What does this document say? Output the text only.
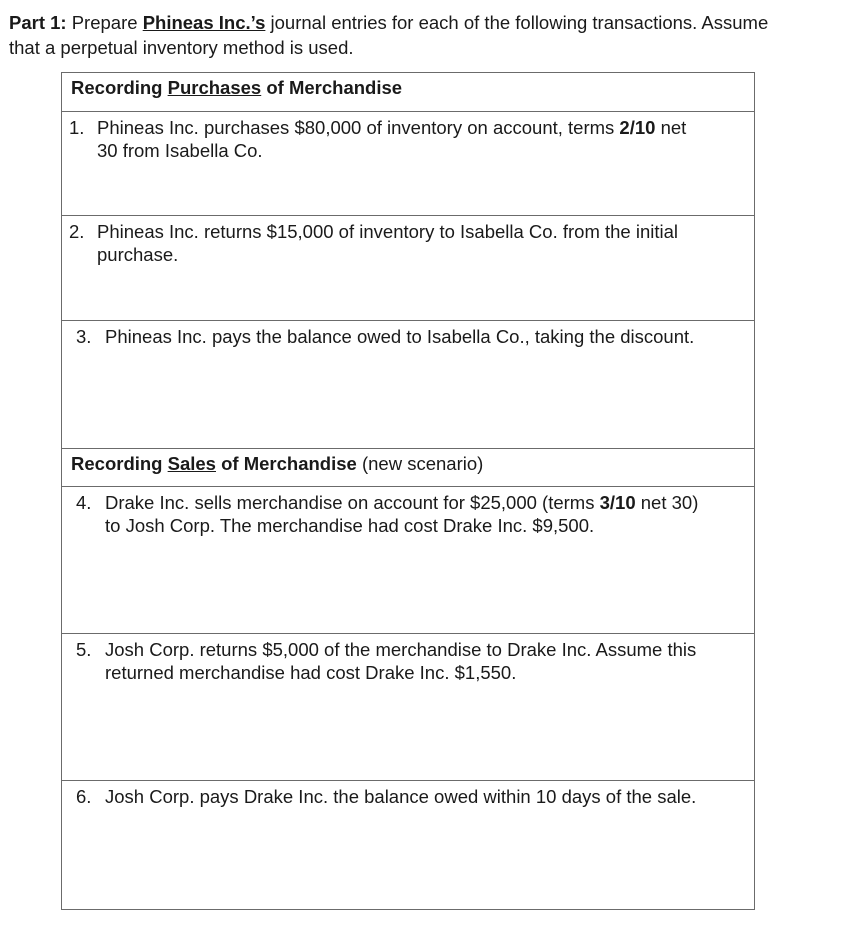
Part 1: Prepare Phineas Inc.’s journal entries for each of the following transactions. Assume
that a perpetual inventory method is used.
Recording Purchases of Merchandise
1. Phineas Inc. purchases $80,000 of inventory on account, terms 2/10 net
30 from Isabella Co.
2. Phineas Inc. returns $15,000 of inventory to Isabella Co. from the initial
purchase.
3. Phineas Inc. pays the balance owed to Isabella Co., taking the discount.
Recording Sales of Merchandise (new scenario)
4. Drake Inc. sells merchandise on account for $25,000 (terms 3/10 net 30)
to Josh Corp. The merchandise had cost Drake Inc. $9,500.
5. Josh Corp. returns $5,000 of the merchandise to Drake Inc. Assume this
returned merchandise had cost Drake Inc. $1,550.
6. Josh Corp. pays Drake Inc. the balance owed within 10 days of the sale.
